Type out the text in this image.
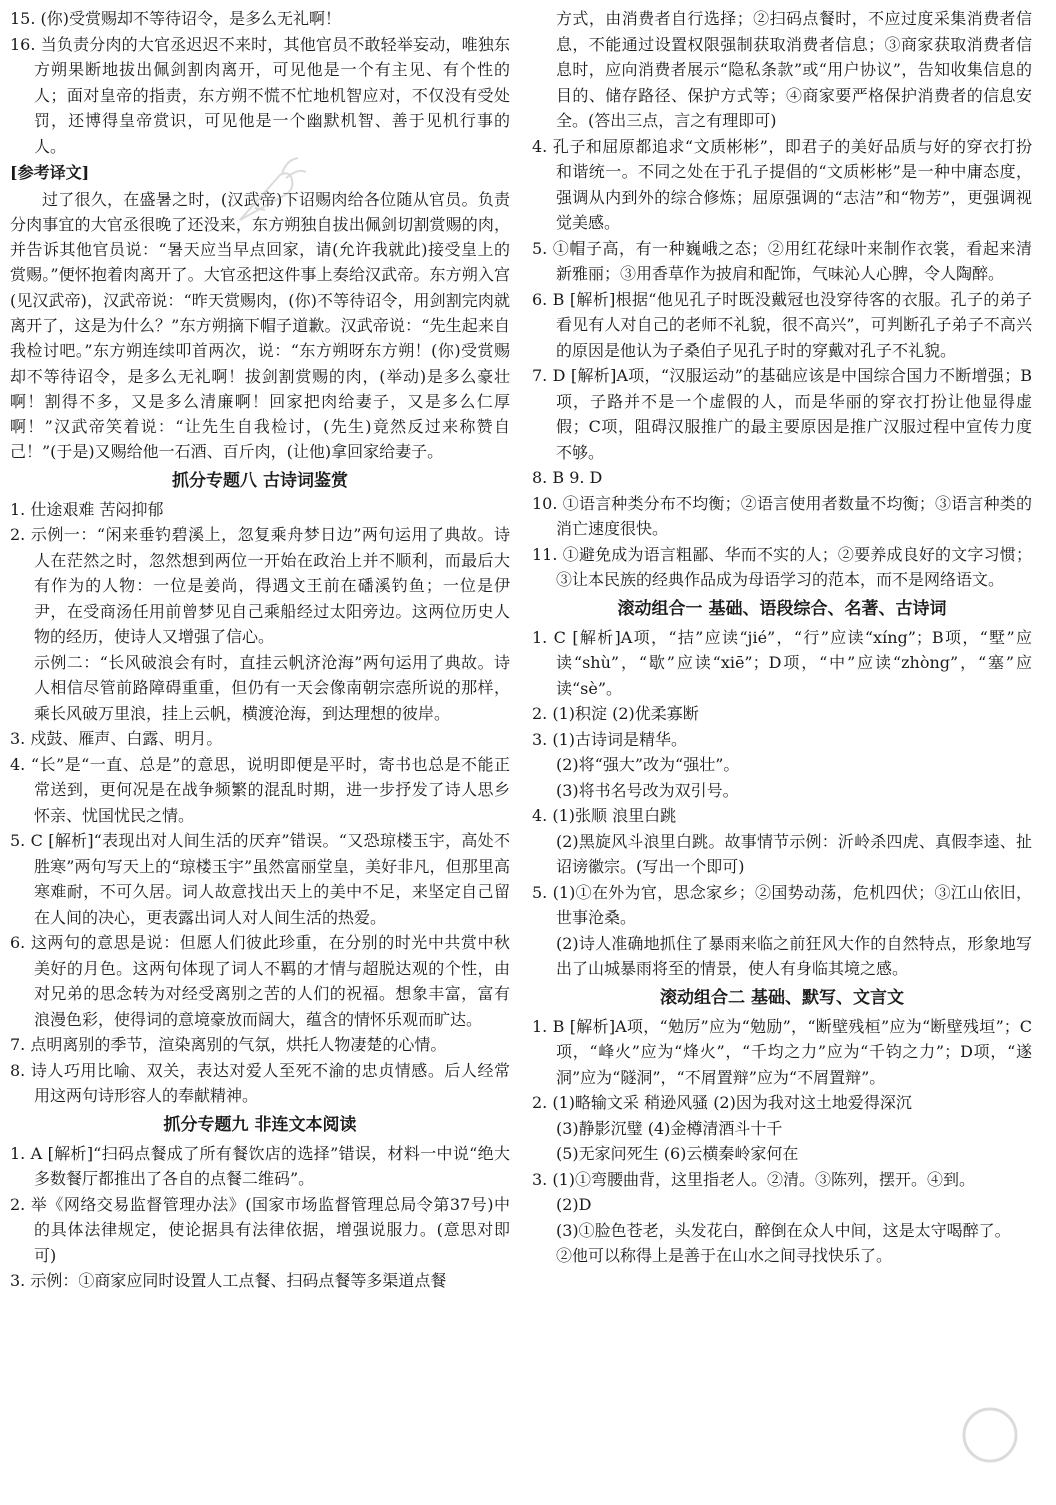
15. (你)受赏赐却不等待诏令，是多么无礼啊！

16. 当负责分肉的大官丞迟迟不来时，其他官员不敢轻举妄动，唯独东方朔果断地拔出佩剑割肉离开，可见他是一个有主见、有个性的人；面对皇帝的指责，东方朔不慌不忙地机智应对，不仅没有受处罚，还博得皇帝赏识，可见他是一个幽默机智、善于见机行事的人。

[参考译文]

过了很久，在盛暑之时，(汉武帝)下诏赐肉给各位随从官员。负责分肉事宜的大官丞很晚了还没来，东方朔独自拔出佩剑切割赏赐的肉，并告诉其他官员说：“暑天应当早点回家，请(允许我就此)接受皇上的赏赐。”便怀抱着肉离开了。大官丞把这件事上奏给汉武帝。东方朔入宫(见汉武帝)，汉武帝说：“昨天赏赐肉，(你)不等待诏令，用剑割完肉就离开了，这是为什么？”东方朔摘下帽子道歉。汉武帝说：“先生起来自我检讨吧。”东方朔连续叩首两次，说：“东方朔呀东方朔！(你)受赏赐却不等待诏令，是多么无礼啊！拔剑割赏赐的肉，(举动)是多么豪壮啊！割得不多，又是多么清廉啊！回家把肉给妻子，又是多么仁厚啊！”汉武帝笑着说：“让先生自我检讨，(先生)竟然反过来称赞自己！”(于是)又赐给他一石酒、百斤肉，(让他)拿回家给妻子。

抓分专题八 古诗词鉴赏

1. 仕途艰难 苦闷抑郁

2. 示例一：“闲来垂钓碧溪上，忽复乘舟梦日边”两句运用了典故。诗人在茫然之时，忽然想到两位一开始在政治上并不顺利，而最后大有作为的人物：一位是姜尚，得遇文王前在磻溪钓鱼；一位是伊尹，在受商汤任用前曾梦见自己乘船经过太阳旁边。这两位历史人物的经历，使诗人又增强了信心。

示例二：“长风破浪会有时，直挂云帆济沧海”两句运用了典故。诗人相信尽管前路障碍重重，但仍有一天会像南朝宗悫所说的那样，乘长风破万里浪，挂上云帆，横渡沧海，到达理想的彼岸。

3. 戍鼓、雁声、白露、明月。

4. “长”是“一直、总是”的意思，说明即便是平时，寄书也总是不能正常送到，更何况是在战争频繁的混乱时期，进一步抒发了诗人思乡怀亲、忧国忧民之情。

5. C [解析]“表现出对人间生活的厌弃”错误。“又恐琼楼玉宇，高处不胜寒”两句写天上的“琼楼玉宇”虽然富丽堂皇，美好非凡，但那里高寒难耐，不可久居。词人故意找出天上的美中不足，来坚定自己留在人间的决心，更表露出词人对人间生活的热爱。

6. 这两句的意思是说：但愿人们彼此珍重，在分别的时光中共赏中秋美好的月色。这两句体现了词人不羁的才情与超脱达观的个性，由对兄弟的思念转为对经受离别之苦的人们的祝福。想象丰富，富有浪漫色彩，使得词的意境豪放而阔大，蕴含的情怀乐观而旷达。

7. 点明离别的季节，渲染离别的气氛，烘托人物凄楚的心情。

8. 诗人巧用比喻、双关，表达对爱人至死不渝的忠贞情感。后人经常用这两句诗形容人的奉献精神。

抓分专题九 非连文本阅读

1. A [解析]“扫码点餐成了所有餐饮店的选择”错误，材料一中说“绝大多数餐厅都推出了各自的点餐二维码”。

2. 举《网络交易监督管理办法》(国家市场监督管理总局令第37号)中的具体法律规定，使论据具有法律依据，增强说服力。(意思对即可)

3. 示例：①商家应同时设置人工点餐、扫码点餐等多渠道点餐

方式，由消费者自行选择；②扫码点餐时，不应过度采集消费者信息，不能通过设置权限强制获取消费者信息；③商家获取消费者信息时，应向消费者展示“隐私条款”或“用户协议”，告知收集信息的目的、储存路径、保护方式等；④商家要严格保护消费者的信息安全。(答出三点，言之有理即可)

4. 孔子和屈原都追求“文质彬彬”，即君子的美好品质与好的穿衣打扮和谐统一。不同之处在于孔子提倡的“文质彬彬”是一种中庸态度，强调从内到外的综合修炼；屈原强调的“志洁”和“物芳”，更强调视觉美感。

5. ①帽子高，有一种巍峨之态；②用红花绿叶来制作衣裳，看起来清新雅丽；③用香草作为披肩和配饰，气味沁人心脾，令人陶醉。

6. B [解析]根据“他见孔子时既没戴冠也没穿待客的衣服。孔子的弟子看见有人对自己的老师不礼貌，很不高兴”，可判断孔子弟子不高兴的原因是他认为子桑伯子见孔子时的穿戴对孔子不礼貌。

7. D [解析]A项，“汉服运动”的基础应该是中国综合国力不断增强；B项，子路并不是一个虚假的人，而是华丽的穿衣打扮让他显得虚假；C项，阻碍汉服推广的最主要原因是推广汉服过程中宣传力度不够。

8. B 9. D

10. ①语言种类分布不均衡；②语言使用者数量不均衡；③语言种类的消亡速度很快。

11. ①避免成为语言粗鄙、华而不实的人；②要养成良好的文字习惯；③让本民族的经典作品成为母语学习的范本，而不是网络语文。

滚动组合一 基础、语段综合、名著、古诗词

1. C [解析]A项，“拮”应读“jié”，“行”应读“xíng”；B项，“墅”应读“shù”，“歇”应读“xiē”；D项，“中”应读“zhòng”，“塞”应读“sè”。

2. (1)积淀 (2)优柔寡断

3. (1)古诗词是精华。

(2)将“强大”改为“强壮”。

(3)将书名号改为双引号。

4. (1)张顺 浪里白跳

(2)黑旋风斗浪里白跳。故事情节示例：沂岭杀四虎、真假李逵、扯诏谤徽宗。(写出一个即可)

5. (1)①在外为官，思念家乡；②国势动荡，危机四伏；③江山依旧，世事沧桑。

(2)诗人准确地抓住了暴雨来临之前狂风大作的自然特点，形象地写出了山城暴雨将至的情景，使人有身临其境之感。

滚动组合二 基础、默写、文言文

1. B [解析]A项，“勉厉”应为“勉励”，“断壁残桓”应为“断壁残垣”；C项，“峰火”应为“烽火”，“千均之力”应为“千钧之力”；D项，“遂洞”应为“隧洞”，“不屑置辩”应为“不屑置辩”。

2. (1)略输文采 稍逊风骚 (2)因为我对这土地爱得深沉

(3)静影沉璧 (4)金樽清酒斗十千

(5)无家问死生 (6)云横秦岭家何在

3. (1)①弯腰曲背，这里指老人。②清。③陈列，摆开。④到。

(2)D

(3)①脸色苍老，头发花白，醉倒在众人中间，这是太守喝醉了。

②他可以称得上是善于在山水之间寻找快乐了。
